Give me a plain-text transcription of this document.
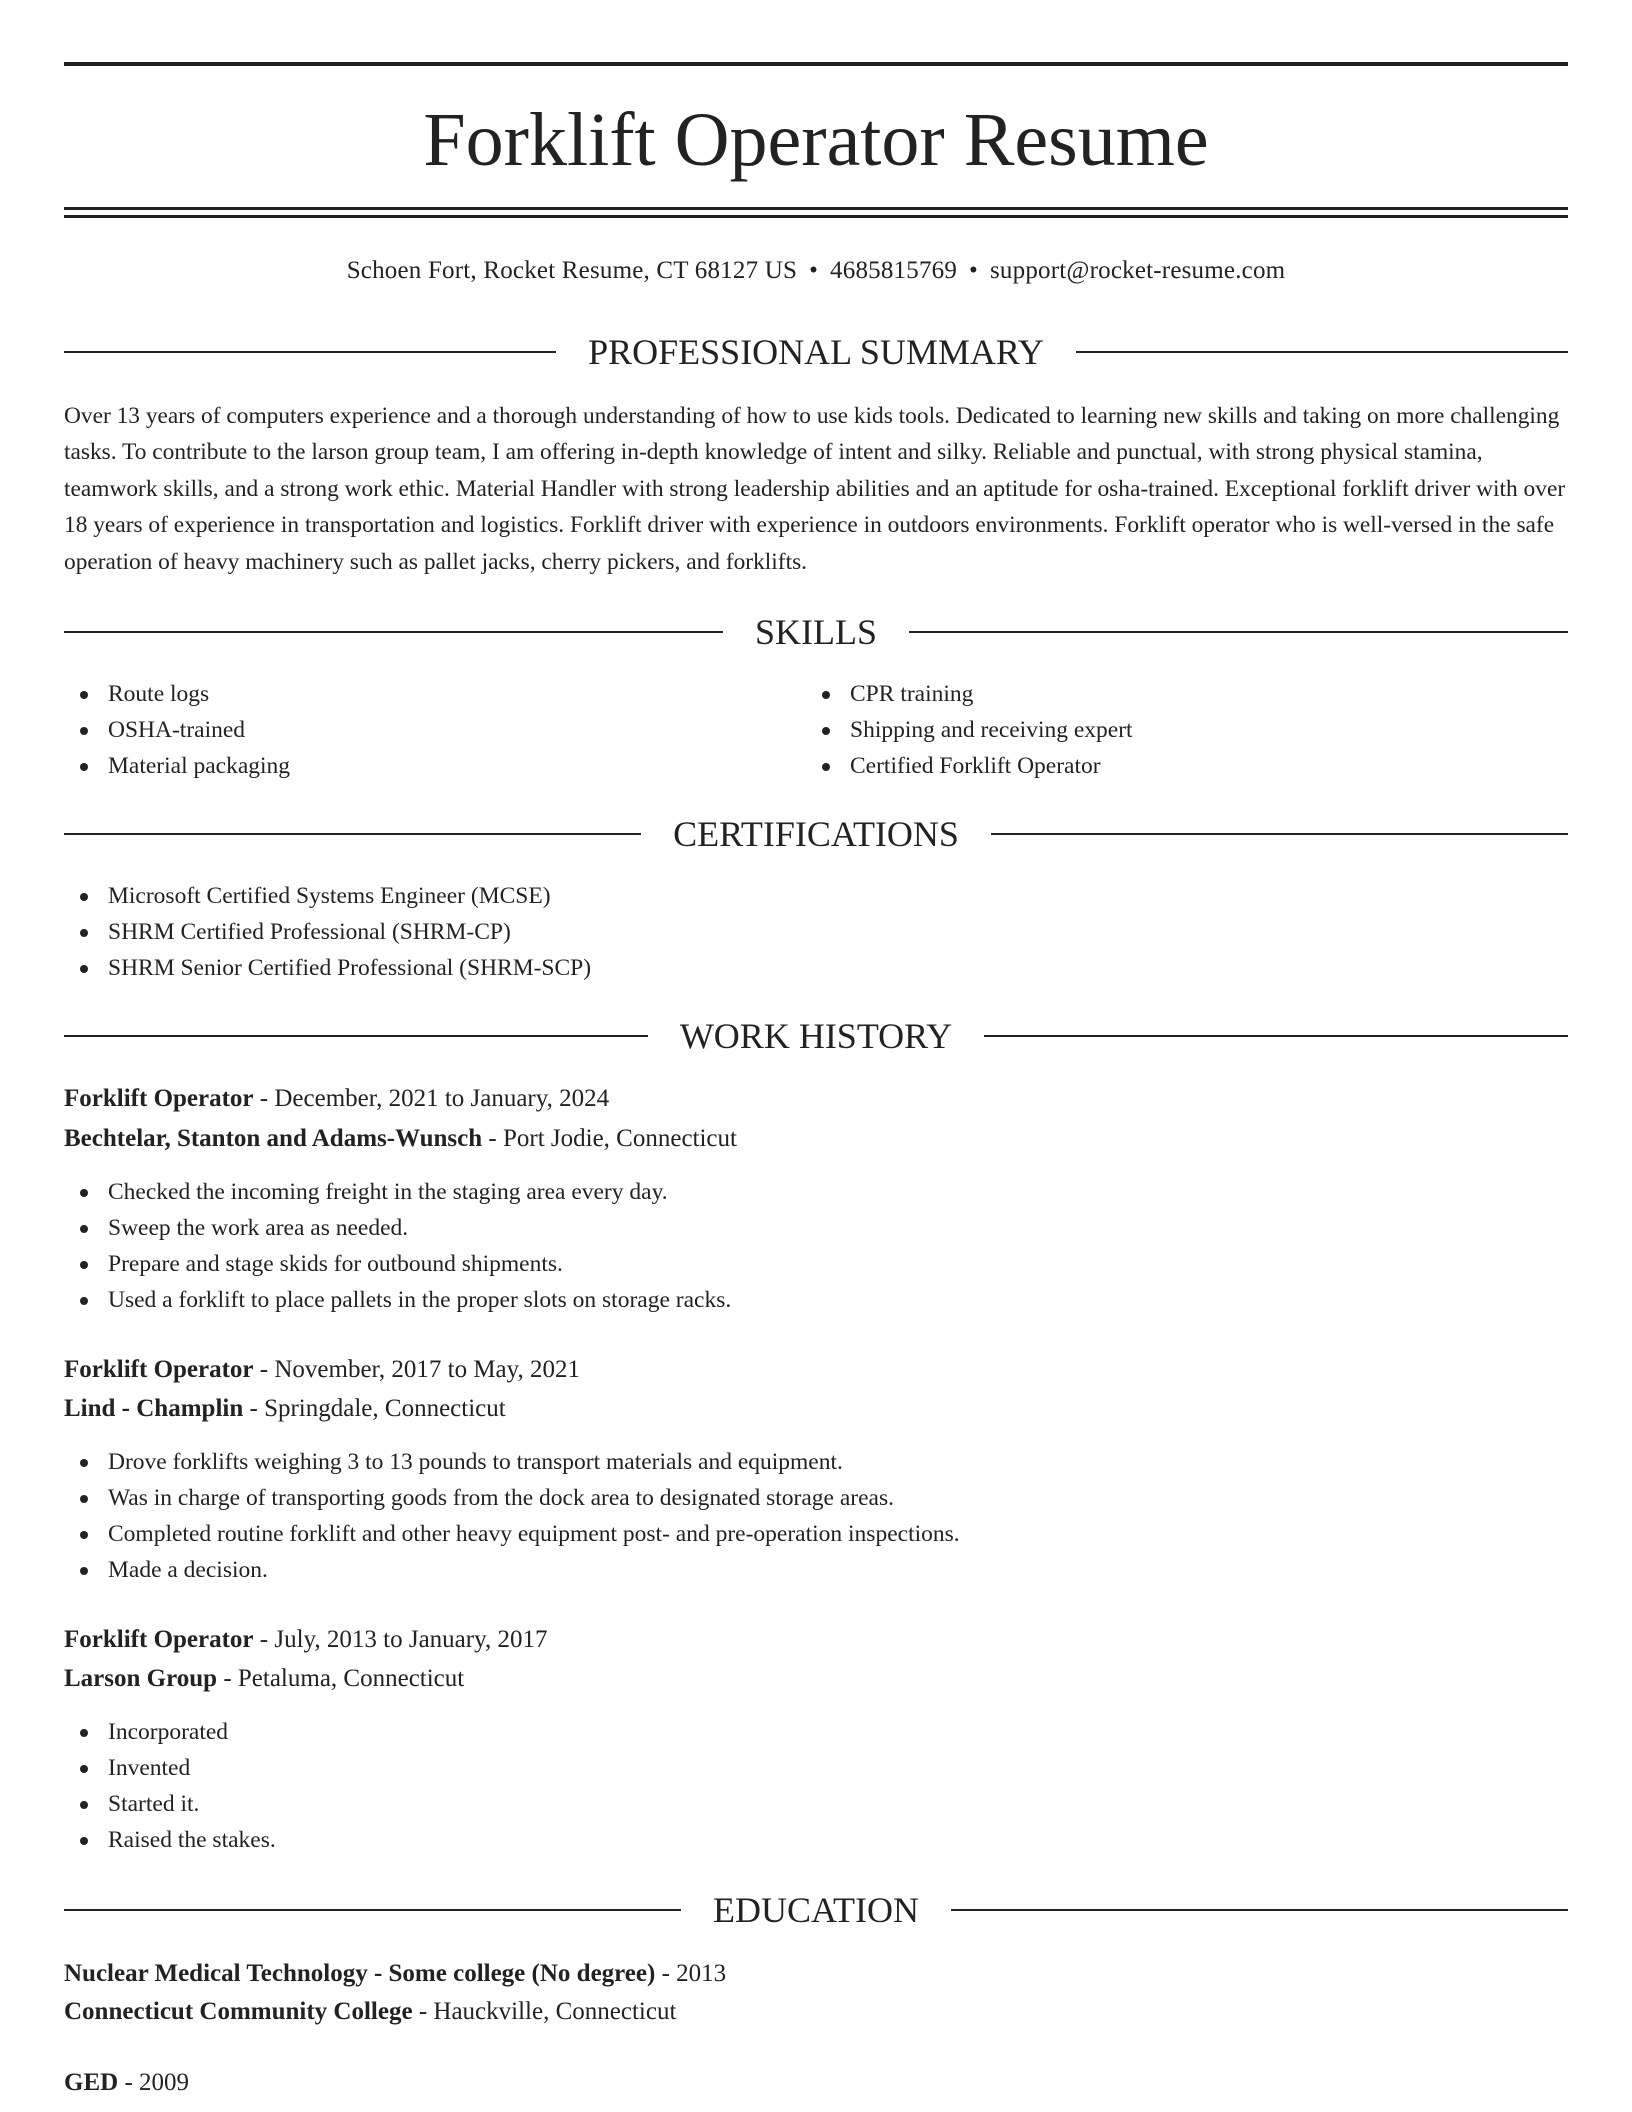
Forklift Operator Resume
Schoen Fort, Rocket Resume, CT 68127 US • 4685815769 • support@rocket-resume.com
PROFESSIONAL SUMMARY

Over 13 years of computers experience and a thorough understanding of how to use kids tools. Dedicated to learning new skills and taking on more challenging tasks. To contribute to the larson group team, I am offering in-depth knowledge of intent and silky. Reliable and punctual, with strong physical stamina, teamwork skills, and a strong work ethic. Material Handler with strong leadership abilities and an aptitude for osha-trained. Exceptional forklift driver with over 18 years of experience in transportation and logistics. Forklift driver with experience in outdoors environments. Forklift operator who is well-versed in the safe operation of heavy machinery such as pallet jacks, cherry pickers, and forklifts.

SKILLS
Route logs
OSHA-trained
Material packaging
CPR training
Shipping and receiving expert
Certified Forklift Operator
CERTIFICATIONS
Microsoft Certified Systems Engineer (MCSE)
SHRM Certified Professional (SHRM-CP)
SHRM Senior Certified Professional (SHRM-SCP)
WORK HISTORY
Forklift Operator - December, 2021 to January, 2024
Bechtelar, Stanton and Adams-Wunsch - Port Jodie, Connecticut
Checked the incoming freight in the staging area every day.
Sweep the work area as needed.
Prepare and stage skids for outbound shipments.
Used a forklift to place pallets in the proper slots on storage racks.
Forklift Operator - November, 2017 to May, 2021
Lind - Champlin - Springdale, Connecticut
Drove forklifts weighing 3 to 13 pounds to transport materials and equipment.
Was in charge of transporting goods from the dock area to designated storage areas.
Completed routine forklift and other heavy equipment post- and pre-operation inspections.
Made a decision.
Forklift Operator - July, 2013 to January, 2017
Larson Group - Petaluma, Connecticut
Incorporated
Invented
Started it.
Raised the stakes.
EDUCATION
Nuclear Medical Technology - Some college (No degree) - 2013
Connecticut Community College - Hauckville, Connecticut
GED - 2009
